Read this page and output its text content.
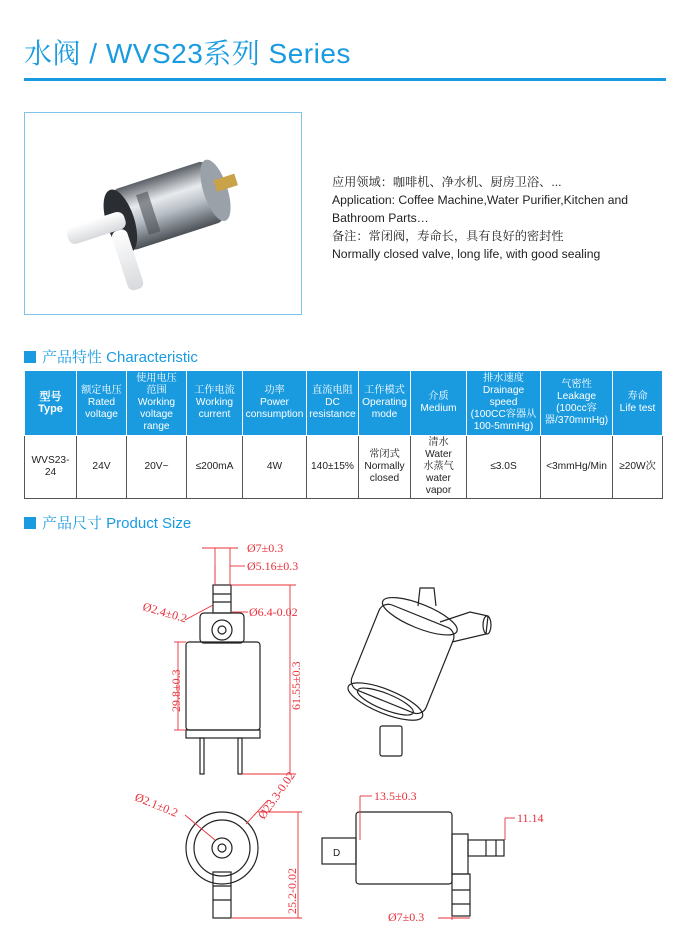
水阀 / WVS23系列 Series
应用领域：咖啡机、净水机、厨房卫浴、...
Application: Coffee Machine,Water Purifier,Kitchen and
Bathroom Parts…
备注：常闭阀，寿命长，具有良好的密封性
Normally closed valve, long life, with good sealing
产品特性 Characteristic
型号
Type	额定电压
Rated
voltage	使用电压
范围
Working
voltage
range	工作电流
Working
current	功率
Power
consumption	直流电阻
DC
resistance	工作模式
Operating
mode	介质
Medium	排水速度
Drainage speed
(100CC容器从
100-5mmHg)	气密性
Leakage
(100cc容
器/370mmHg)	寿命
Life test
WVS23-24	24V	20V~	≤200mA	4W	140±15%	常闭式
Normally
closed	清水
Water
水蒸气
water vapor	≤3.0S	<3mmHg/Min	≥20W次
产品尺寸 Product Size
Ø7±0.3
Ø5.16±0.3
Ø2.4±0.2	Ø6.4-0.02
29.8±0.3	61.55±0.3
Ø2.1±0.2	Ø23.3-0.02
25.2-0.02
13.5±0.3
11.14
Ø7±0.3
D
